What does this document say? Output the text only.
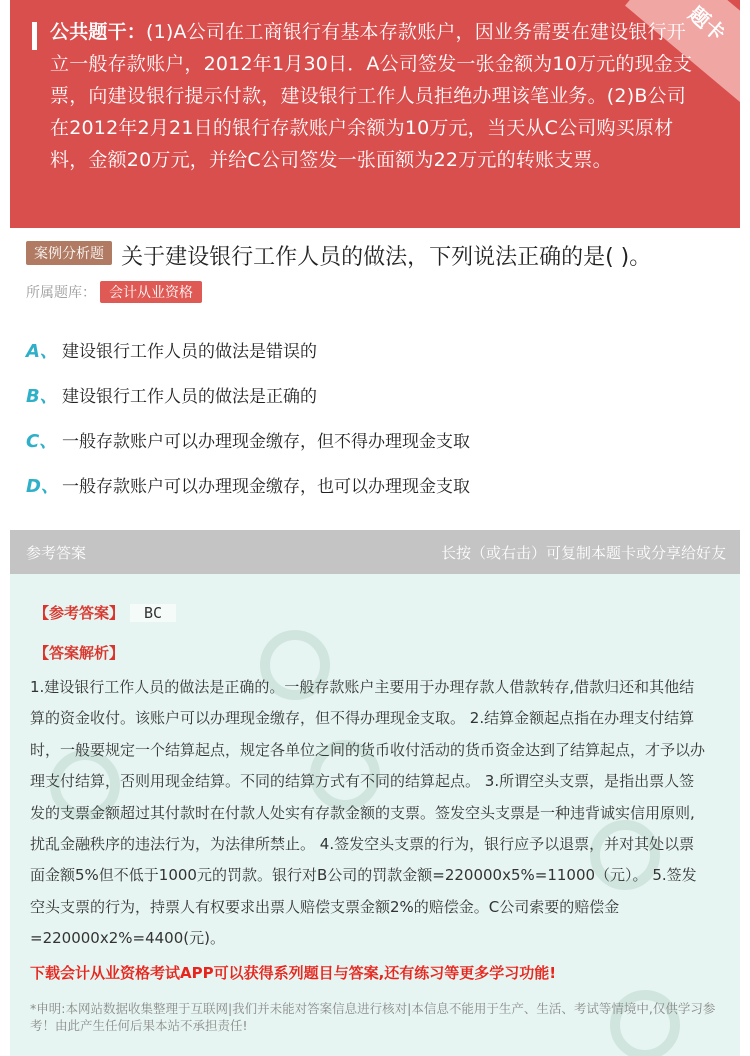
题卡
公共题干：(1)A公司在工商银行有基本存款账户，因业务需要在建设银行开立一般存款账户，2012年1月30日．A公司签发一张金额为10万元的现金支票，向建设银行提示付款，建设银行工作人员拒绝办理该笔业务。(2)B公司在2012年2月21日的银行存款账户余额为10万元，当天从C公司购买原材料，金额20万元，并给C公司签发一张面额为22万元的转账支票。
案例分析题 关于建设银行工作人员的做法，下列说法正确的是( )。
所属题库： 会计从业资格
A、 建设银行工作人员的做法是错误的
B、 建设银行工作人员的做法是正确的
C、 一般存款账户可以办理现金缴存，但不得办理现金支取
D、 一般存款账户可以办理现金缴存，也可以办理现金支取
参考答案	长按（或右击）可复制本题卡或分享给好友
【参考答案】 BC
【答案解析】
1.建设银行工作人员的做法是正确的。一般存款账户主要用于办理存款人借款转存,借款归还和其他结算的资金收付。该账户可以办理现金缴存，但不得办理现金支取。 2.结算金额起点指在办理支付结算时，一般要规定一个结算起点，规定各单位之间的货币收付活动的货币资金达到了结算起点，才予以办理支付结算，否则用现金结算。不同的结算方式有不同的结算起点。 3.所谓空头支票，是指出票人签发的支票金额超过其付款时在付款人处实有存款金额的支票。签发空头支票是一种违背诚实信用原则,扰乱金融秩序的违法行为，为法律所禁止。 4.签发空头支票的行为，银行应予以退票，并对其处以票面金额5%但不低于1000元的罚款。银行对B公司的罚款金额=220000x5%=11000（元）。 5.签发空头支票的行为，持票人有权要求出票人赔偿支票金额2%的赔偿金。C公司索要的赔偿金=220000x2%=4400(元)。
下载会计从业资格考试APP可以获得系列题目与答案,还有练习等更多学习功能!
*申明:本网站数据收集整理于互联网|我们并未能对答案信息进行核对|本信息不能用于生产、生活、考试等情境中,仅供学习参考！由此产生任何后果本站不承担责任!
